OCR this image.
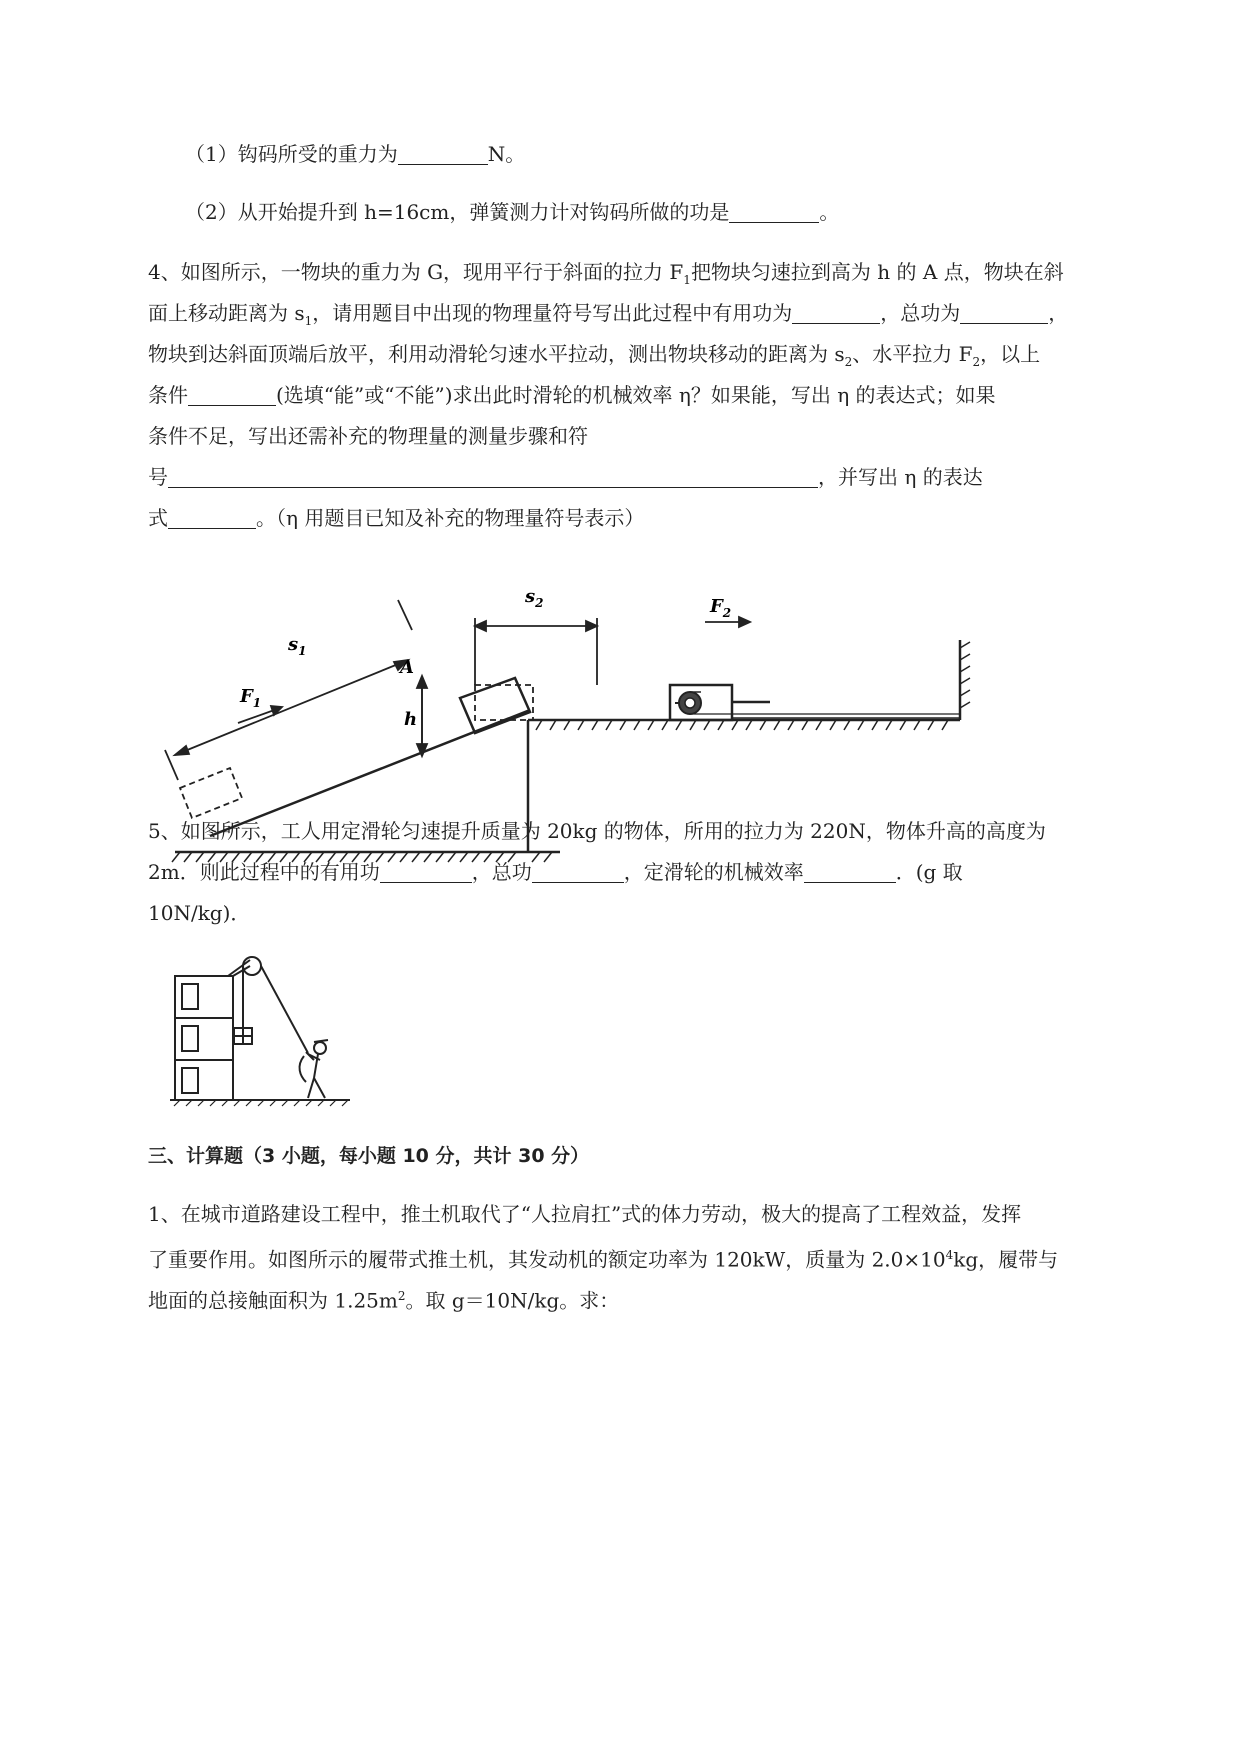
（1）钩码所受的重力为	N。
（2）从开始提升到 h=16cm，弹簧测力计对钩码所做的功是	。
4、如图所示，一物块的重力为 G，现用平行于斜面的拉力 $F_1$把物块匀速拉到高为 h 的 A 点，物块在斜
面上移动距离为 $s_1$，请用题目中出现的物理量符号写出此过程中有用功为	，总功为	，
物块到达斜面顶端后放平，利用动滑轮匀速水平拉动，测出物块移动的距离为 $s_2$、水平拉力 $F_2$，以上
条件	(选填“能”或“不能”)求出此时滑轮的机械效率 η？如果能，写出 η 的表达式；如果
条件不足，写出还需补充的物理量的测量步骤和符
号	，并写出 η 的表达
式	。（η 用题目已知及补充的物理量符号表示）
$s_1$
$s_2$
$F_1$
$F_2$
A
h
5、如图所示，工人用定滑轮匀速提升质量为 20kg 的物体，所用的拉力为 220N，物体升高的高度为
2m．则此过程中的有用功	，总功	，定滑轮的机械效率	．(g 取
10N/kg)．
三、计算题（3 小题，每小题 10 分，共计 30 分）
1、在城市道路建设工程中，推土机取代了“人拉肩扛”式的体力劳动，极大的提高了工程效益，发挥
了重要作用。如图所示的履带式推土机，其发动机的额定功率为 120kW，质量为 $2.0\times 10^4kg$，履带与
地面的总接触面积为 $1.25m^2$。取 g＝10N/kg。求：
